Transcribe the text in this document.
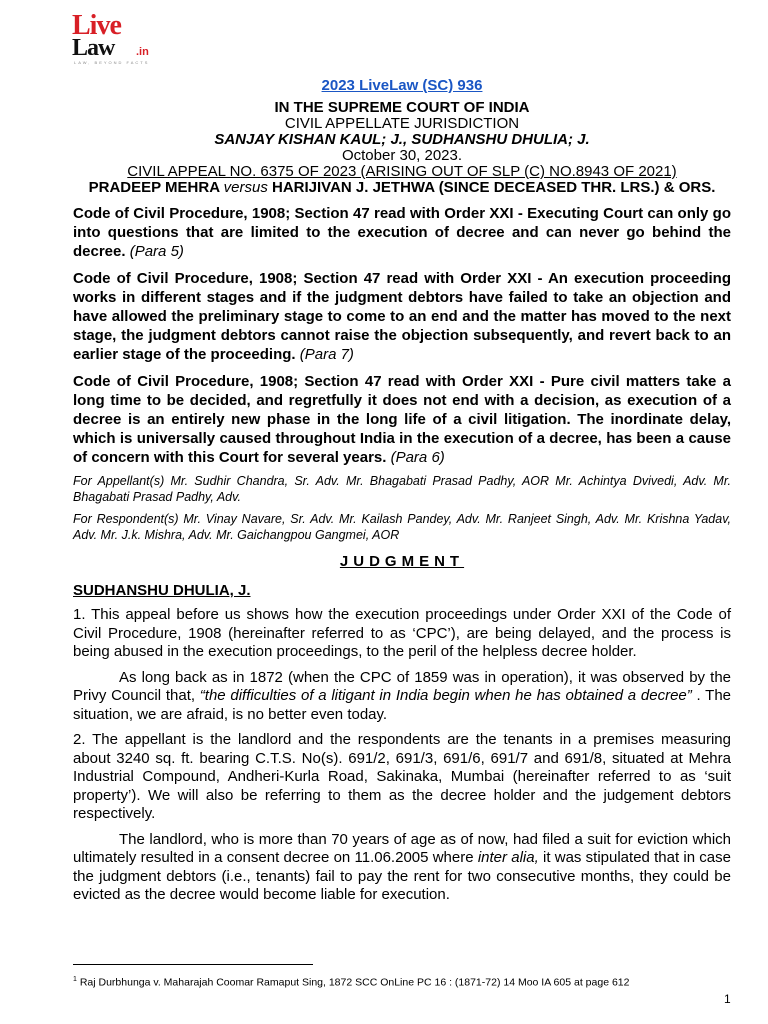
Live
Law .in
LAW, BEYOND FACTS
2023 LiveLaw (SC) 936
IN THE SUPREME COURT OF INDIA
CIVIL APPELLATE JURISDICTION
SANJAY KISHAN KAUL; J., SUDHANSHU DHULIA; J.
October 30, 2023.
CIVIL APPEAL NO. 6375 OF 2023 (ARISING OUT OF SLP (C) NO.8943 OF 2021)
PRADEEP MEHRA versus HARIJIVAN J. JETHWA (SINCE DECEASED THR. LRS.) & ORS.
Code of Civil Procedure, 1908; Section 47 read with Order XXI - Executing Court can only go into questions that are limited to the execution of decree and can never go behind the decree. (Para 5)
Code of Civil Procedure, 1908; Section 47 read with Order XXI - An execution proceeding works in different stages and if the judgment debtors have failed to take an objection and have allowed the preliminary stage to come to an end and the matter has moved to the next stage, the judgment debtors cannot raise the objection subsequently, and revert back to an earlier stage of the proceeding. (Para 7)
Code of Civil Procedure, 1908; Section 47 read with Order XXI - Pure civil matters take a long time to be decided, and regretfully it does not end with a decision, as execution of a decree is an entirely new phase in the long life of a civil litigation. The inordinate delay, which is universally caused throughout India in the execution of a decree, has been a cause of concern with this Court for several years. (Para 6)
For Appellant(s) Mr. Sudhir Chandra, Sr. Adv. Mr. Bhagabati Prasad Padhy, AOR Mr. Achintya Dvivedi, Adv. Mr. Bhagabati Prasad Padhy, Adv.
For Respondent(s) Mr. Vinay Navare, Sr. Adv. Mr. Kailash Pandey, Adv. Mr. Ranjeet Singh, Adv. Mr. Krishna Yadav, Adv. Mr. J.k. Mishra, Adv. Mr. Gaichangpou Gangmei, AOR
JUDGMENT
SUDHANSHU DHULIA, J.
1. This appeal before us shows how the execution proceedings under Order XXI of the Code of Civil Procedure, 1908 (hereinafter referred to as ‘CPC’), are being delayed, and the process is being abused in the execution proceedings, to the peril of the helpless decree holder.
As long back as in 1872 (when the CPC of 1859 was in operation), it was observed by the Privy Council that, “the difficulties of a litigant in India begin when he has obtained a decree” . The situation, we are afraid, is no better even today.
2. The appellant is the landlord and the respondents are the tenants in a premises measuring about 3240 sq. ft. bearing C.T.S. No(s). 691/2, 691/3, 691/6, 691/7 and 691/8, situated at Mehra Industrial Compound, Andheri-Kurla Road, Sakinaka, Mumbai (hereinafter referred to as ‘suit property’). We will also be referring to them as the decree holder and the judgement debtors respectively.
The landlord, who is more than 70 years of age as of now, had filed a suit for eviction which ultimately resulted in a consent decree on 11.06.2005 where inter alia, it was stipulated that in case the judgment debtors (i.e., tenants) fail to pay the rent for two consecutive months, they could be evicted as the decree would become liable for execution.
$^1$ Raj Durbhunga v. Maharajah Coomar Ramaput Sing, 1872 SCC OnLine PC 16 : (1871-72) 14 Moo IA 605 at page 612
1
